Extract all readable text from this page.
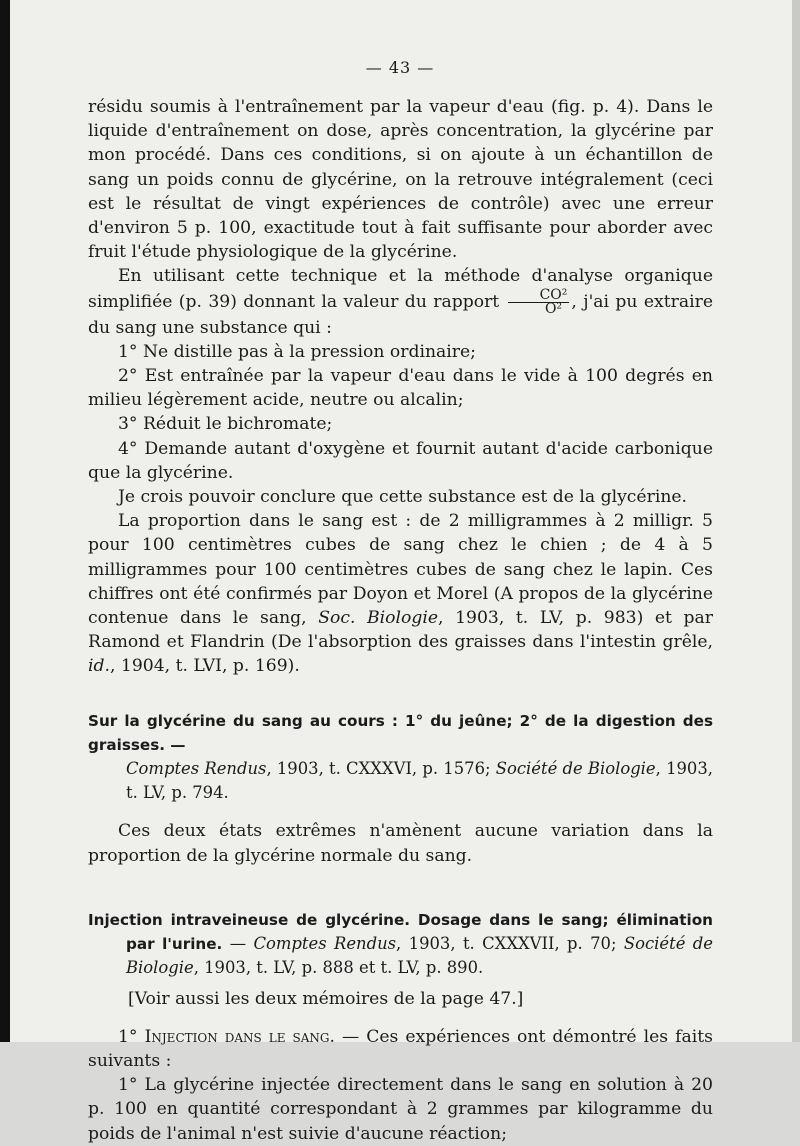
— 43 —

résidu soumis à l'entraînement par la vapeur d'eau (fig. p. 4). Dans le liquide d'entraînement on dose, après concentration, la glycérine par mon procédé. Dans ces conditions, si on ajoute à un échantillon de sang un poids connu de glycérine, on la retrouve intégralement (ceci est le résultat de vingt expériences de contrôle) avec une erreur d'environ 5 p. 100, exactitude tout à fait suffisante pour aborder avec fruit l'étude physiologique de la glycérine.

En utilisant cette technique et la méthode d'analyse organique simplifiée (p. 39) donnant la valeur du rapport $\frac{\text{CO²}}{\text{O²}}$ , j'ai pu extraire du sang une substance qui :

1° Ne distille pas à la pression ordinaire;

2° Est entraînée par la vapeur d'eau dans le vide à 100 degrés en milieu légèrement acide, neutre ou alcalin;

3° Réduit le bichromate;

4° Demande autant d'oxygène et fournit autant d'acide carbonique que la glycérine.

Je crois pouvoir conclure que cette substance est de la glycérine.

La proportion dans le sang est : de 2 milligrammes à 2 milligr. 5 pour 100 centimètres cubes de sang chez le chien ; de 4 à 5 milligrammes pour 100 centimètres cubes de sang chez le lapin. Ces chiffres ont été confirmés par Doyon et Morel (A propos de la glycérine contenue dans le sang, Soc. Biologie, 1903, t. LV, p. 983) et par Ramond et Flandrin (De l'absorption des graisses dans l'intestin grêle, id., 1904, t. LVI, p. 169).

Sur la glycérine du sang au cours : 1° du jeûne; 2° de la digestion des graisses. —

Comptes Rendus, 1903, t. CXXXVI, p. 1576; Société de Biologie, 1903, t. LV, p. 794.

Ces deux états extrêmes n'amènent aucune variation dans la proportion de la glycérine normale du sang.

Injection intraveineuse de glycérine. Dosage dans le sang; élimination par l'urine. — Comptes Rendus, 1903, t. CXXXVII, p. 70; Société de Biologie, 1903, t. LV, p. 888 et t. LV, p. 890.

[Voir aussi les deux mémoires de la page 47.]

1° Injection dans le sang. — Ces expériences ont démontré les faits suivants :

1° La glycérine injectée directement dans le sang en solution à 20 p. 100 en quantité correspondant à 2 grammes par kilogramme du poids de l'animal n'est suivie d'aucune réaction;
